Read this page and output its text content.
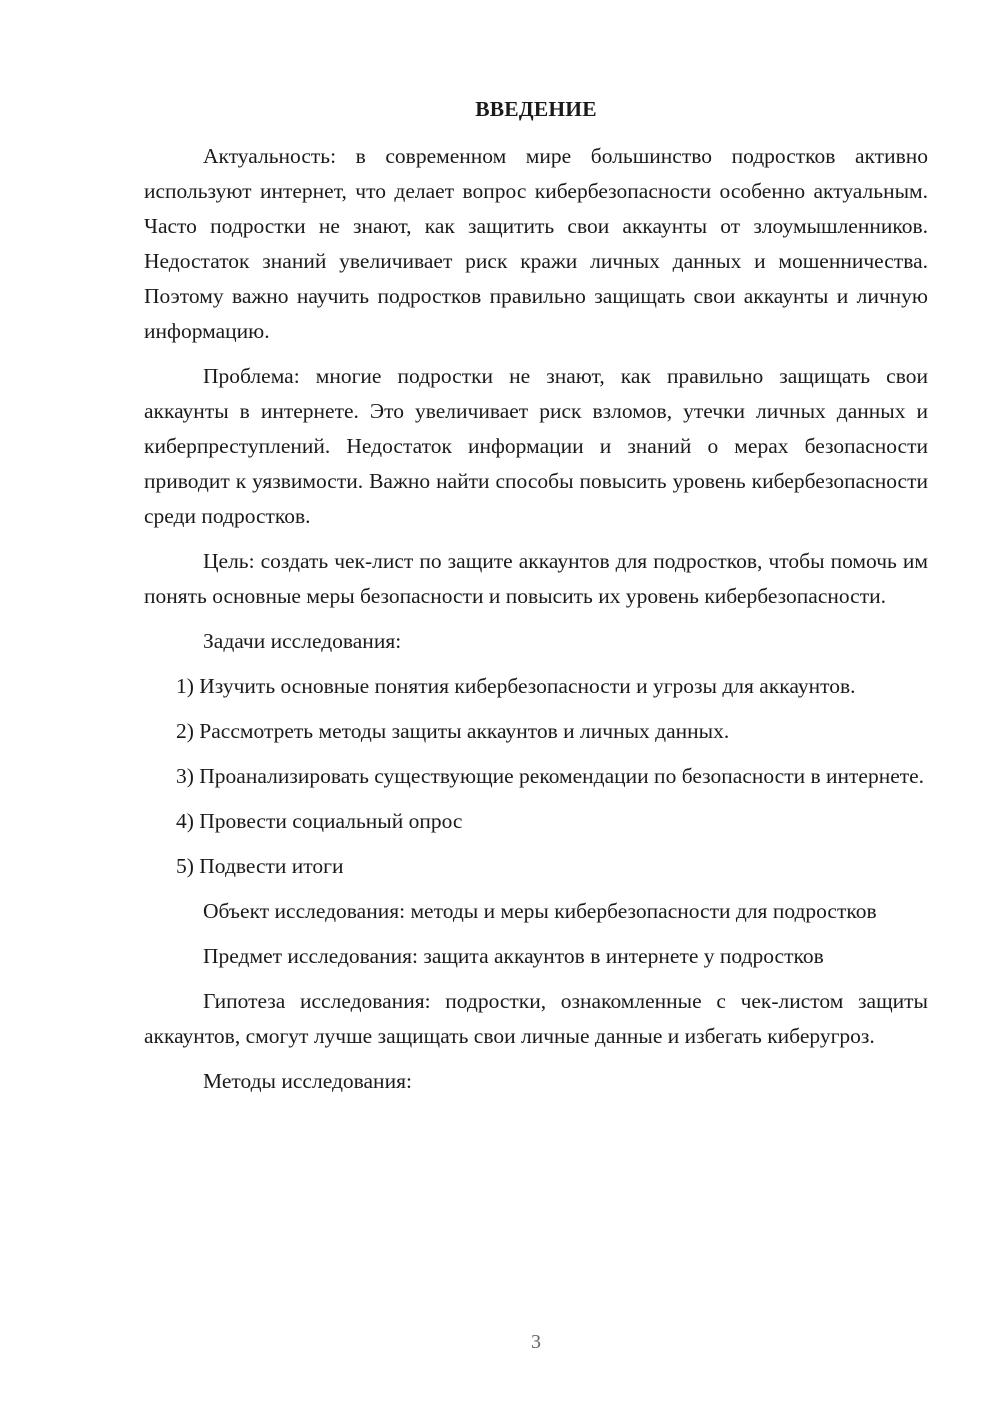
ВВЕДЕНИЕ

Актуальность: в современном мире большинство подростков активно используют интернет, что делает вопрос кибербезопасности особенно актуальным. Часто подростки не знают, как защитить свои аккаунты от злоумышленников. Недостаток знаний увеличивает риск кражи личных данных и мошенничества. Поэтому важно научить подростков правильно защищать свои аккаунты и личную информацию.

Проблема: многие подростки не знают, как правильно защищать свои аккаунты в интернете. Это увеличивает риск взломов, утечки личных данных и киберпреступлений. Недостаток информации и знаний о мерах безопасности приводит к уязвимости. Важно найти способы повысить уровень кибербезопасности среди подростков.

Цель: создать чек-лист по защите аккаунтов для подростков, чтобы помочь им понять основные меры безопасности и повысить их уровень кибербезопасности.

Задачи исследования:

1) Изучить основные понятия кибербезопасности и угрозы для аккаунтов.

2) Рассмотреть методы защиты аккаунтов и личных данных.

3) Проанализировать существующие рекомендации по безопасности в интернете.

4) Провести социальный опрос

5) Подвести итоги

Объект исследования: методы и меры кибербезопасности для подростков

Предмет исследования: защита аккаунтов в интернете у подростков

Гипотеза исследования: подростки, ознакомленные с чек-листом защиты аккаунтов, смогут лучше защищать свои личные данные и избегать киберугроз.

Методы исследования:

3
